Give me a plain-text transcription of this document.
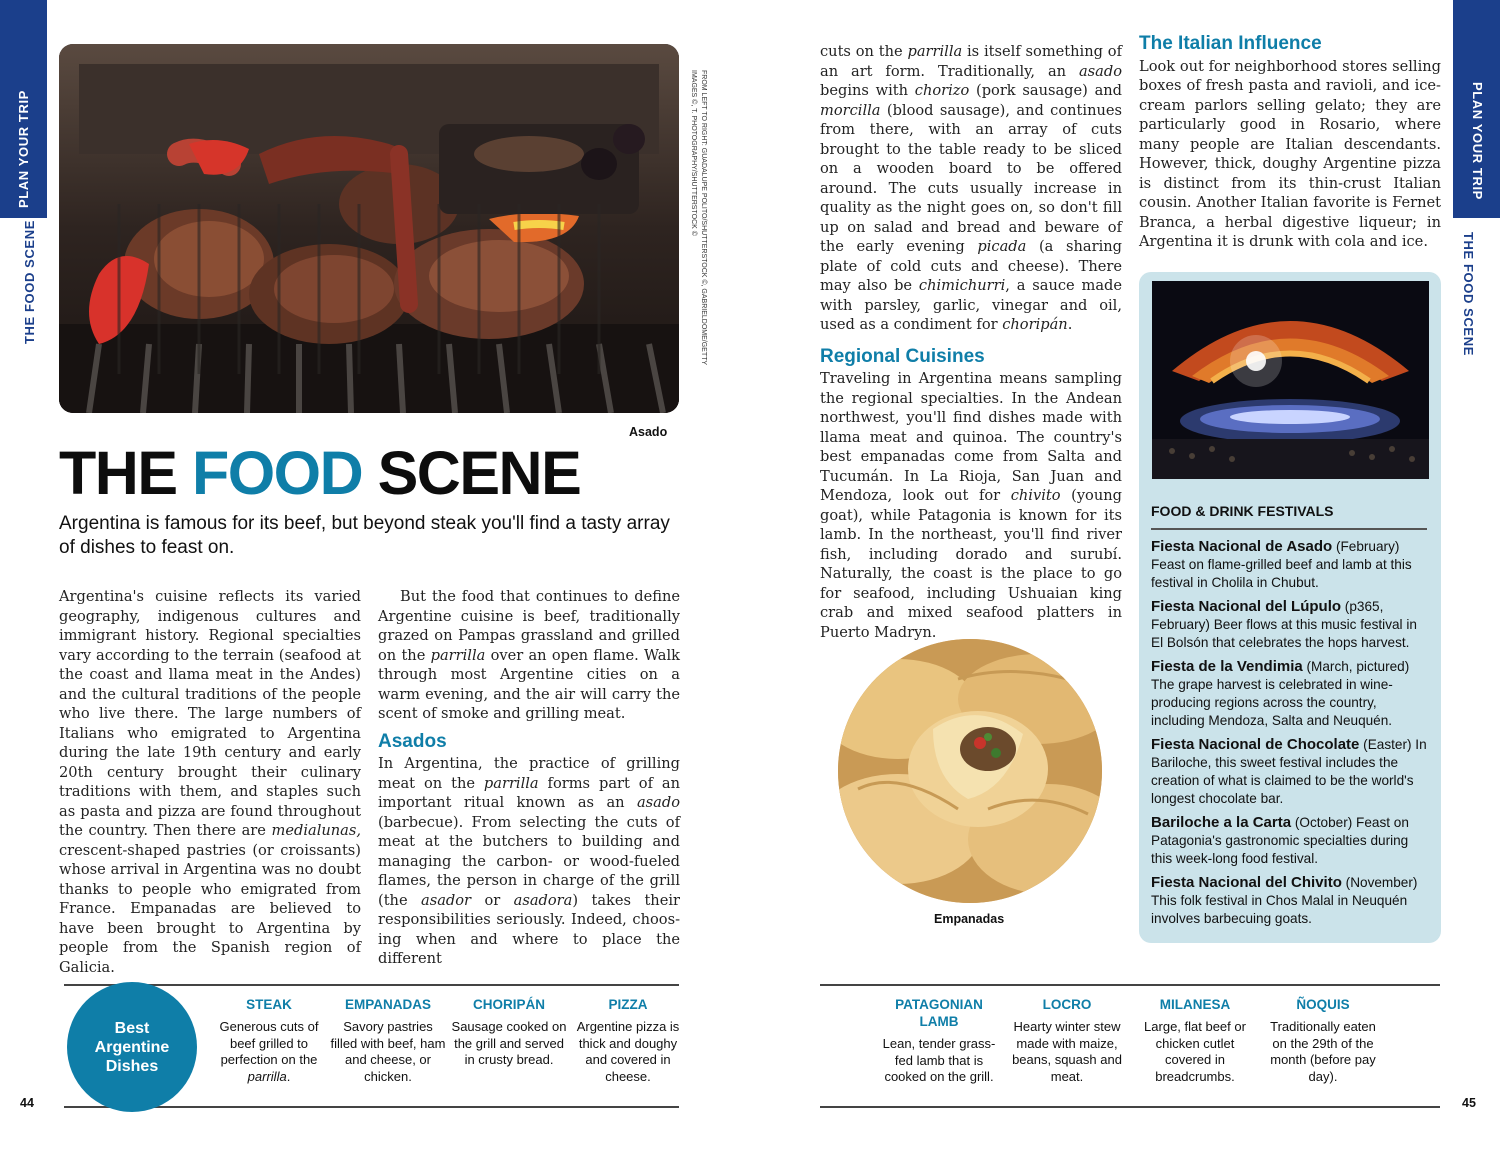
PLAN YOUR TRIP
THE FOOD SCENE
PLAN YOUR TRIP
THE FOOD SCENE
FROM LEFT TO RIGHT: GUADALUPE POLITO/SHUTTERSTOCK ©, GABRIELDOME/GETTY IMAGES ©, T. PHOTOGRAPHY/SHUTTERSTOCK ©
Asado
THE FOOD SCENE
Argentina is famous for its beef, but beyond steak you'll find a tasty array of dishes to feast on.

Argentina's cuisine reflects its varied geography, indigenous cultures and immigrant history. Regional specialties vary according to the terrain (seafood at the coast and llama meat in the Andes) and the cultural traditions of the people who live there. The large numbers of Italians who emigrated to Argentina during the late 19th century and early 20th century brought their culinary traditions with them, and staples such as pasta and pizza are found throughout the country. Then there are medialunas, crescent-shaped pastries (or croissants) whose arrival in Argentina was no doubt thanks to people who emigrated from France. Empanadas are believed to have been brought to Argentina by people from the Spanish region of Galicia.

But the food that continues to define Argentine cuisine is beef, traditionally grazed on Pampas grassland and grilled on the parrilla over an open flame. Walk through most Argentine cities on a warm evening, and the air will carry the scent of smoke and grilling meat.

Asados

In Argentina, the practice of grilling meat on the parrilla forms part of an important ritual known as an asado (barbecue). From selecting the cuts of meat at the butchers to building and managing the carbon- or wood-fueled flames, the person in charge of the grill (the asador or asadora) takes their responsibilities seriously. Indeed, choosing when and where to place the different

cuts on the parrilla is itself something of an art form. Traditionally, an asado begins with chorizo (pork sausage) and morcilla (blood sausage), and continues from there, with an array of cuts brought to the table ready to be sliced on a wooden board to be offered around. The cuts usually increase in quality as the night goes on, so don't fill up on salad and bread and beware of the early evening picada (a sharing plate of cold cuts and cheese). There may also be chimichurri, a sauce made with parsley, garlic, vinegar and oil, used as a condiment for choripán.

Regional Cuisines

Traveling in Argentina means sampling the regional specialties. In the Andean northwest, you'll find dishes made with llama meat and quinoa. The country's best empanadas come from Salta and Tucumán. In La Rioja, San Juan and Mendoza, look out for chivito (young goat), while Patagonia is known for its lamb. In the northeast, you'll find river fish, including dorado and surubí. Naturally, the coast is the place to go for seafood, including Ushuaian king crab and mixed seafood platters in Puerto Madryn.

The Italian Influence

Look out for neighborhood stores selling boxes of fresh pasta and ravioli, and ice-cream parlors selling gelato; they are particularly good in Rosario, where many people are Italian descendants. However, thick, doughy Argentine pizza is distinct from its thin-crust Italian cousin. Another Italian favorite is Fernet Branca, a herbal digestive liqueur; in Argentina it is drunk with cola and ice.

Empanadas
FOOD & DRINK FESTIVALS
Fiesta Nacional de Asado (February) Feast on flame-grilled beef and lamb at this festival in Cholila in Chubut.
Fiesta Nacional del Lúpulo (p365, February) Beer flows at this music festival in El Bolsón that celebrates the hops harvest.
Fiesta de la Vendimia (March, pictured) The grape harvest is celebrated in wine-producing regions across the country, including Mendoza, Salta and Neuquén.
Fiesta Nacional de Chocolate (Easter) In Bariloche, this sweet festival includes the creation of what is claimed to be the world's longest chocolate bar.
Bariloche a la Carta (October) Feast on Patagonia's gastronomic specialties during this week-long food festival.
Fiesta Nacional del Chivito (November) This folk festival in Chos Malal in Neuquén involves barbecuing goats.
Best
Argentine
Dishes
STEAK
Generous cuts of beef grilled to perfection on the parrilla.
EMPANADAS
Savory pastries filled with beef, ham and cheese, or chicken.
CHORIPÁN
Sausage cooked on the grill and served in crusty bread.
PIZZA
Argentine pizza is thick and doughy and covered in cheese.
PATAGONIAN LAMB
Lean, tender grass-fed lamb that is cooked on the grill.
LOCRO
Hearty winter stew made with maize, beans, squash and meat.
MILANESA
Large, flat beef or chicken cutlet covered in breadcrumbs.
ÑOQUIS
Traditionally eaten on the 29th of the month (before pay day).
44	45
